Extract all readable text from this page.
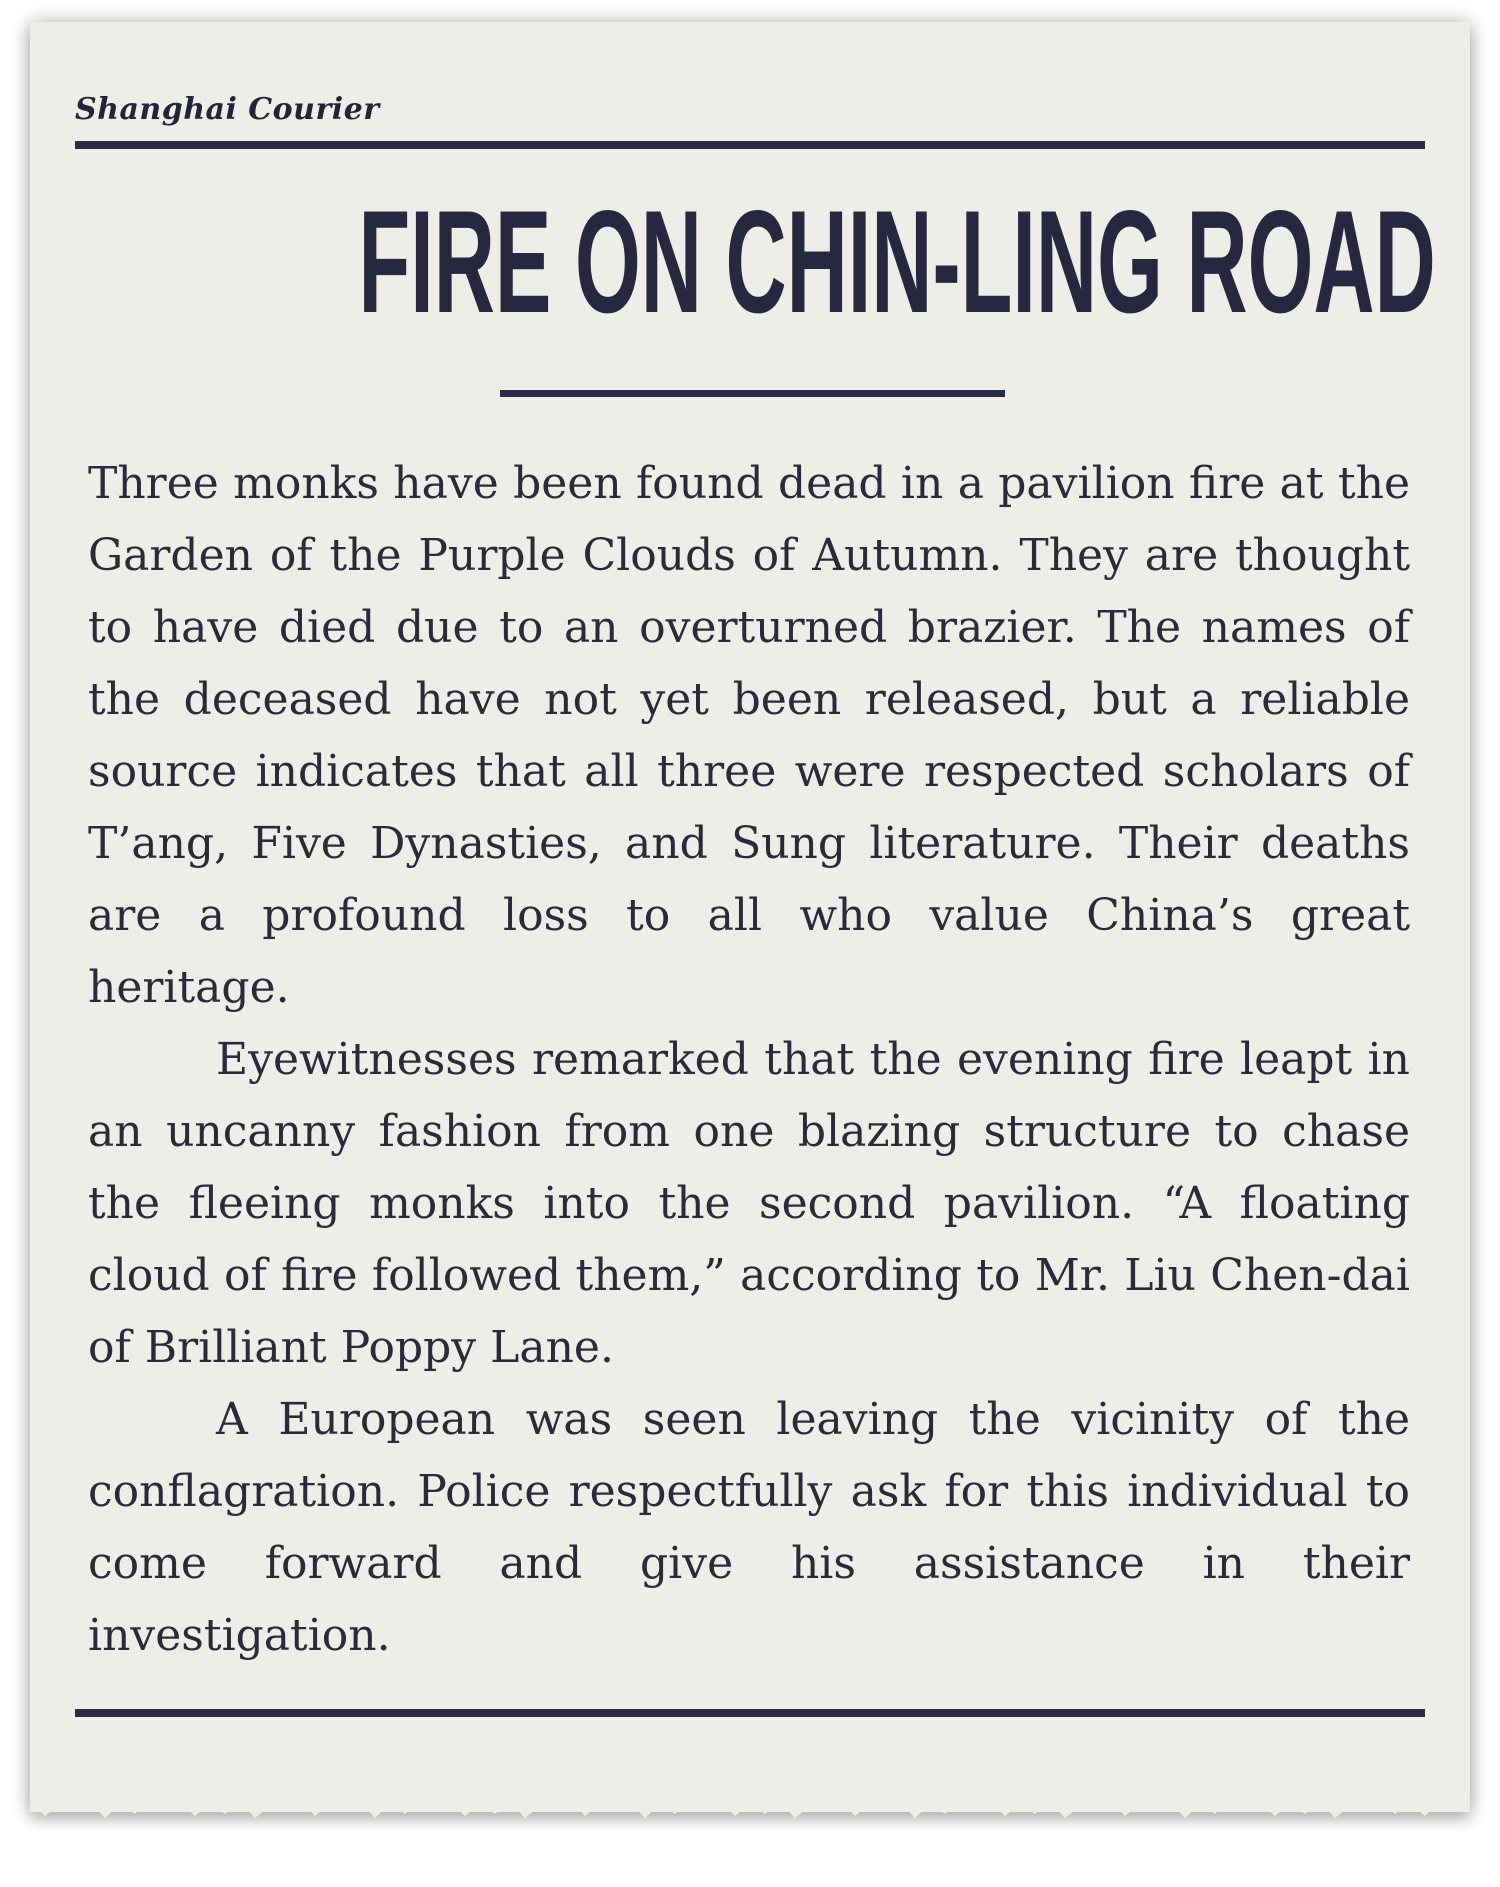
Shanghai Courier
FIRE ON CHIN-LING ROAD

Three monks have been found dead in a pavilion fire at the Garden of the Purple Clouds of Autumn. They are thought to have died due to an overturned brazier. The names of the deceased have not yet been released, but a reliable source indicates that all three were respected scholars of T’ang, Five Dynasties, and Sung literature. Their deaths are a profound loss to all who value China’s great heritage.

Eyewitnesses remarked that the evening fire leapt in an uncanny fashion from one blazing structure to chase the fleeing monks into the second pavilion. “A floating cloud of fire followed them,” according to Mr. Liu Chen-dai of Brilliant Poppy Lane.

A European was seen leaving the vicinity of the conflagration. Police respectfully ask for this individual to come forward and give his assistance in their investigation.
